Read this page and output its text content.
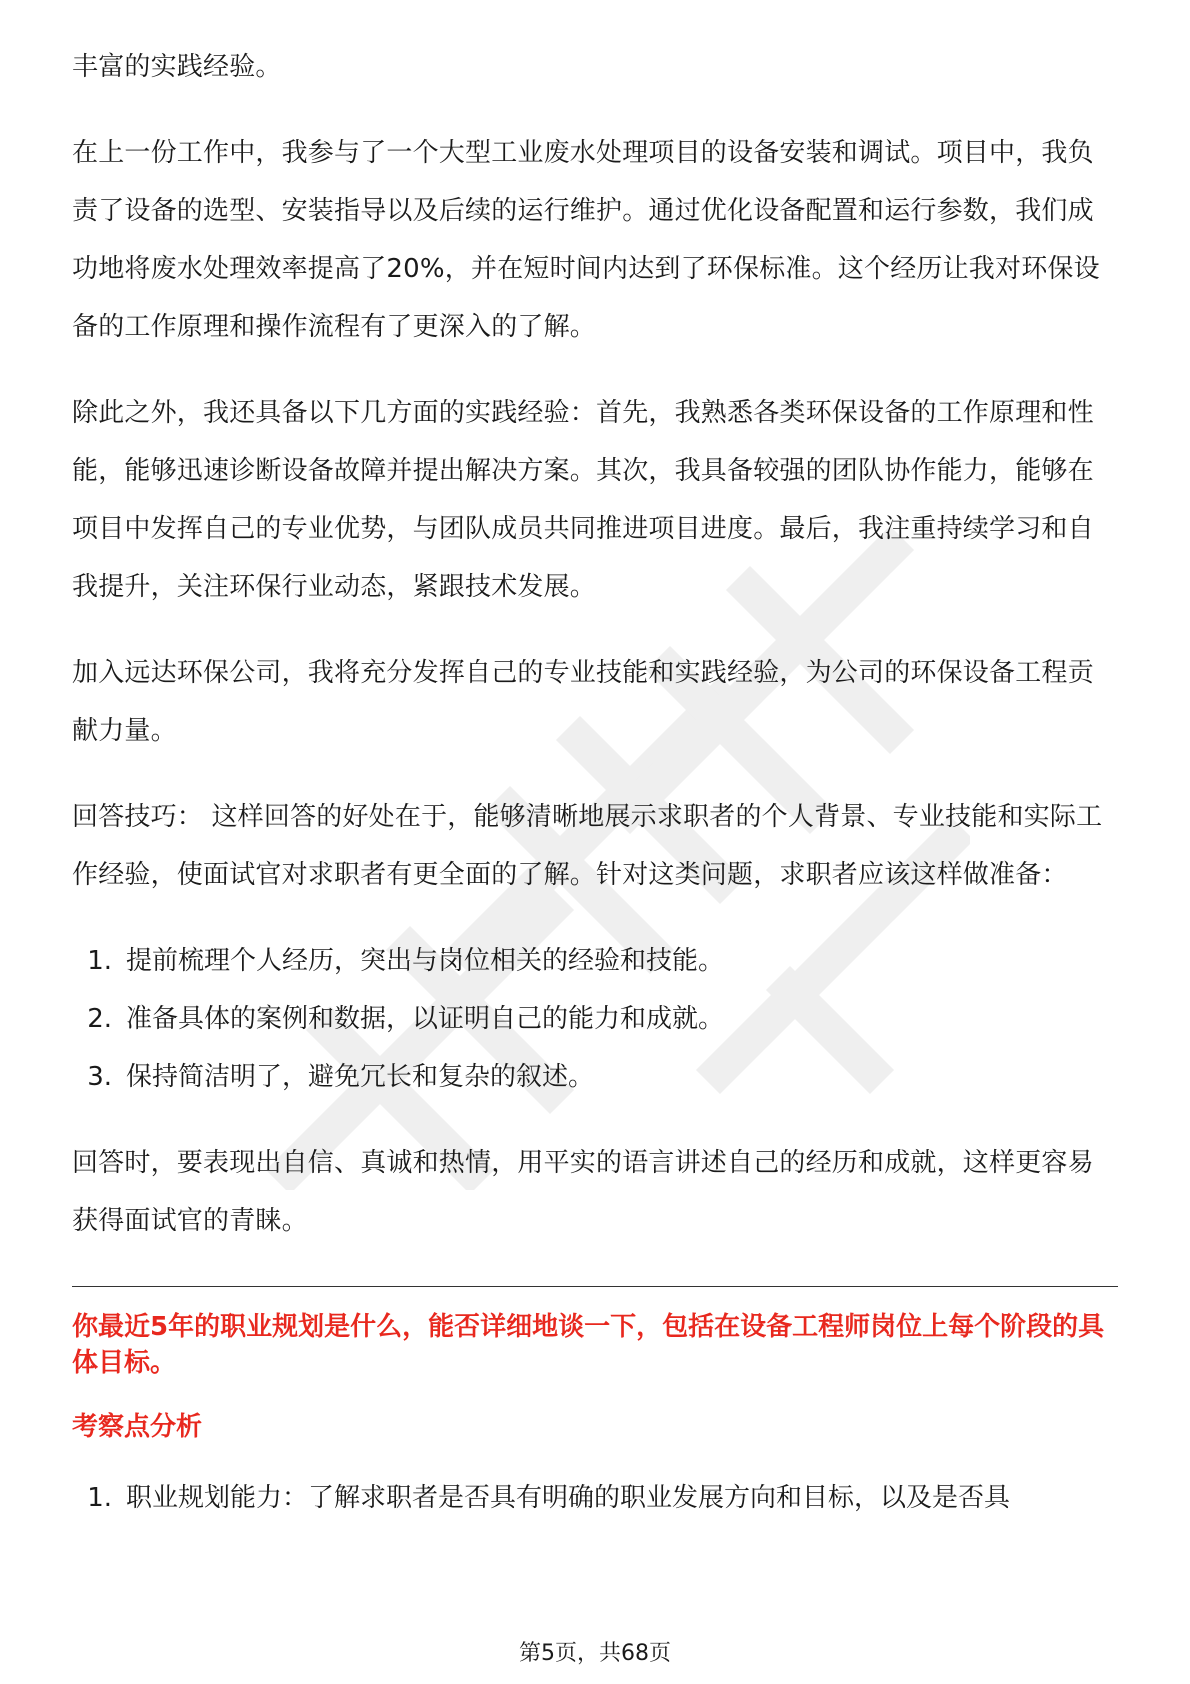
丰富的实践经验。

在上一份工作中，我参与了一个大型工业废水处理项目的设备安装和调试。项目中，我负责了设备的选型、安装指导以及后续的运行维护。通过优化设备配置和运行参数，我们成功地将废水处理效率提高了20%，并在短时间内达到了环保标准。这个经历让我对环保设备的工作原理和操作流程有了更深入的了解。

除此之外，我还具备以下几方面的实践经验：首先，我熟悉各类环保设备的工作原理和性能，能够迅速诊断设备故障并提出解决方案。其次，我具备较强的团队协作能力，能够在项目中发挥自己的专业优势，与团队成员共同推进项目进度。最后，我注重持续学习和自我提升，关注环保行业动态，紧跟技术发展。

加入远达环保公司，我将充分发挥自己的专业技能和实践经验，为公司的环保设备工程贡献力量。

回答技巧： 这样回答的好处在于，能够清晰地展示求职者的个人背景、专业技能和实际工作经验，使面试官对求职者有更全面的了解。针对这类问题，求职者应该这样做准备：

1. 提前梳理个人经历，突出与岗位相关的经验和技能。
2. 准备具体的案例和数据，以证明自己的能力和成就。
3. 保持简洁明了，避免冗长和复杂的叙述。

回答时，要表现出自信、真诚和热情，用平实的语言讲述自己的经历和成就，这样更容易获得面试官的青睐。

你最近5年的职业规划是什么，能否详细地谈一下，包括在设备工程师岗位上每个阶段的具体目标。

考察点分析

1. 职业规划能力：了解求职者是否具有明确的职业发展方向和目标，以及是否具
第5页，共68页
